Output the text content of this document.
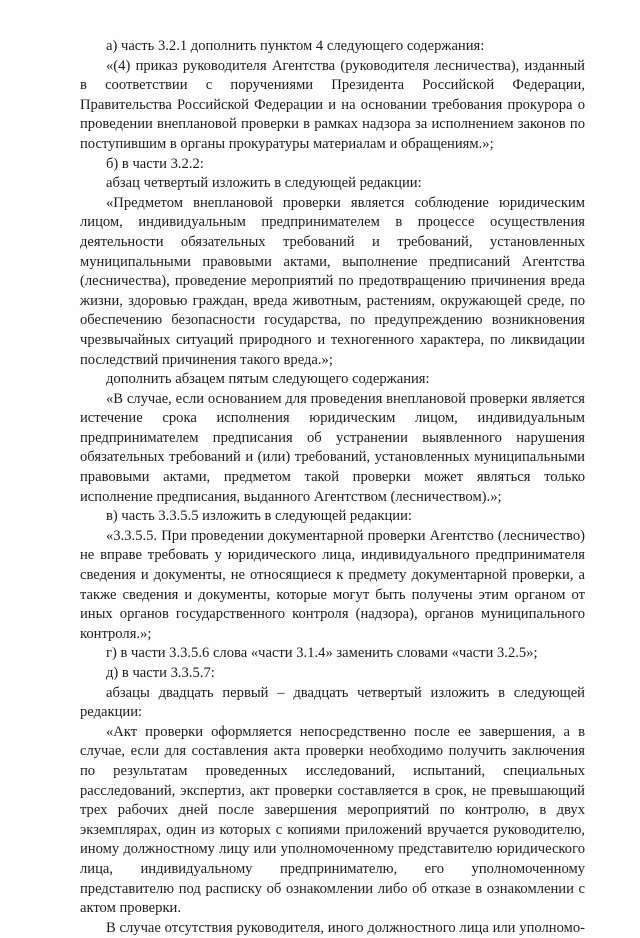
а) часть 3.2.1 дополнить пунктом 4 следующего содержания:

«(4) приказ руководителя Агентства (руководителя лесничества), изданный в соответствии с поручениями Президента Российской Федерации, Правительства Российской Федерации и на основании требования прокурора о проведении внеплановой проверки в рамках надзора за исполнением законов по поступившим в органы прокуратуры материалам и обращениям.»;

б) в части 3.2.2:

абзац четвертый изложить в следующей редакции:

«Предметом внеплановой проверки является соблюдение юридическим лицом, индивидуальным предпринимателем в процессе осуществления деятельности обязательных требований и требований, установленных муниципальными правовыми актами, выполнение предписаний Агентства (лесничества), проведение мероприятий по предотвращению причинения вреда жизни, здоровью граждан, вреда животным, растениям, окружающей среде, по обеспечению безопасности государства, по предупреждению возникновения чрезвычайных ситуаций природного и техногенного характера, по ликвидации последствий причинения такого вреда.»;

дополнить абзацем пятым следующего содержания:

«В случае, если основанием для проведения внеплановой проверки является истечение срока исполнения юридическим лицом, индивидуальным предпринимателем предписания об устранении выявленного нарушения обязательных требований и (или) требований, установленных муниципальными правовыми актами, предметом такой проверки может являться только исполнение предписания, выданного Агентством (лесничеством).»;

в) часть 3.3.5.5 изложить в следующей редакции:

«3.3.5.5. При проведении документарной проверки Агентство (лесничество) не вправе требовать у юридического лица, индивидуального предпринимателя сведения и документы, не относящиеся к предмету документарной проверки, а также сведения и документы, которые могут быть получены этим органом от иных органов государственного контроля (надзора), органов муниципального контроля.»;

г) в части 3.3.5.6 слова «части 3.1.4» заменить словами «части 3.2.5»;

д) в части 3.3.5.7:

абзацы двадцать первый – двадцать четвертый изложить в следующей редакции:

«Акт проверки оформляется непосредственно после ее завершения, а в случае, если для составления акта проверки необходимо получить заключения по результатам проведенных исследований, испытаний, специальных расследований, экспертиз, акт проверки составляется в срок, не превышающий трех рабочих дней после завершения мероприятий по контролю, в двух экземплярах, один из которых с копиями приложений вручается руководителю, иному должностному лицу или уполномоченному представителю юридического лица, индивидуальному предпринимателю, его уполномоченному представителю под расписку об ознакомлении либо об отказе в ознакомлении с актом проверки.

В случае отсутствия руководителя, иного должностного лица или уполномо-
